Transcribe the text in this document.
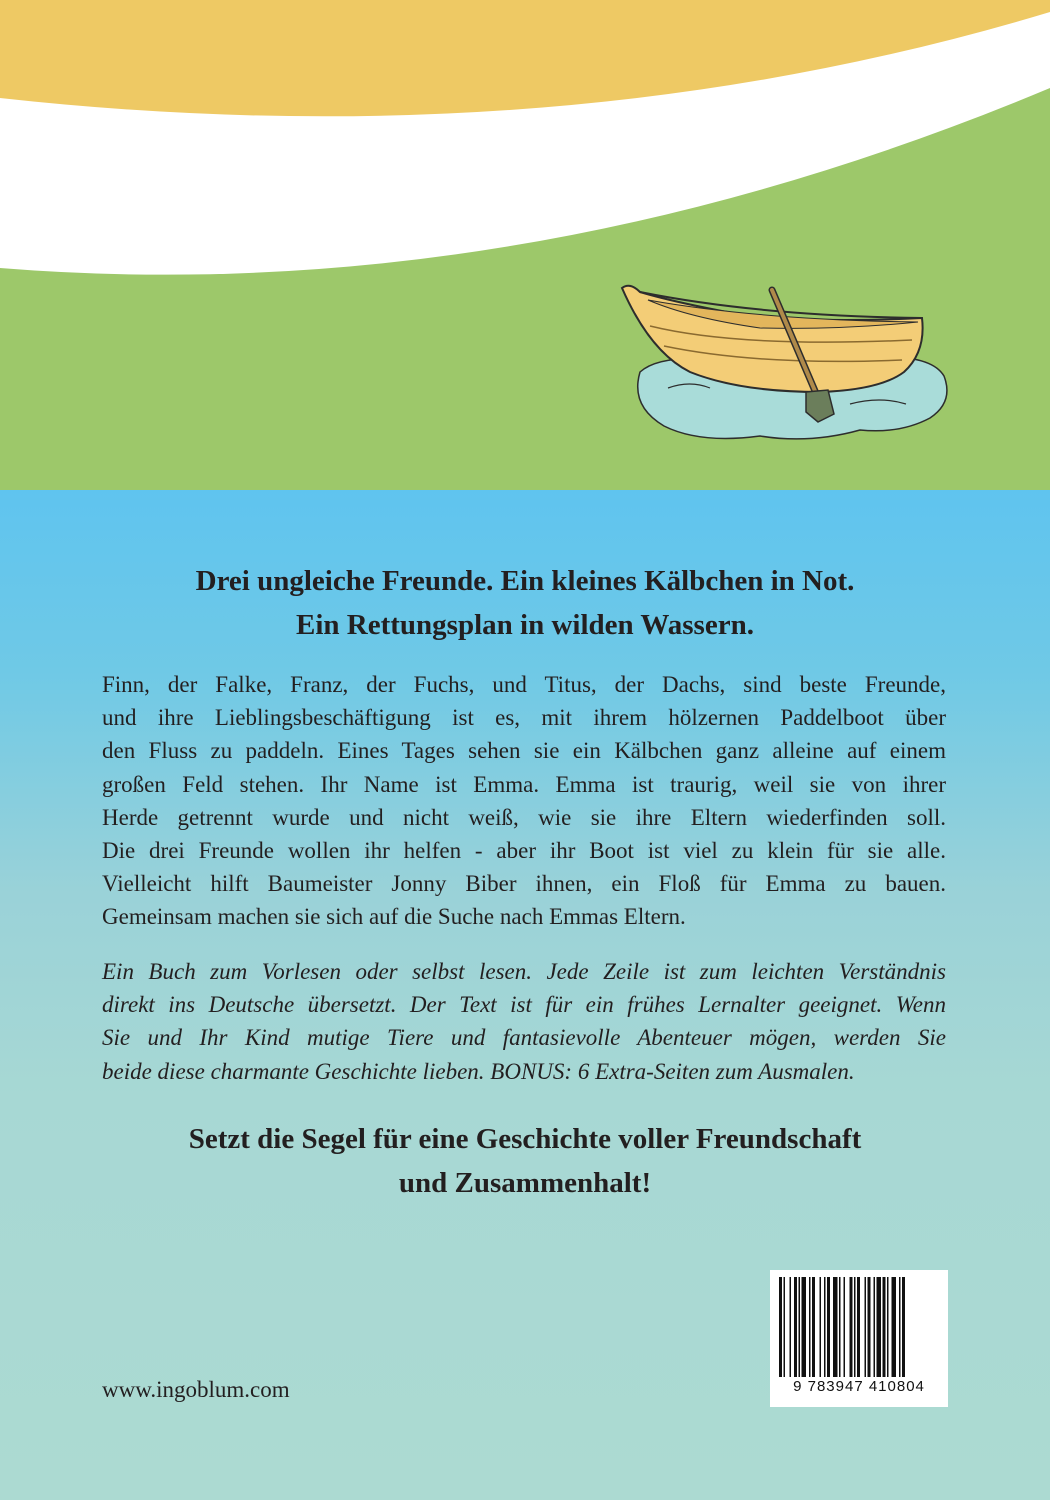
Drei ungleiche Freunde. Ein kleines Kälbchen in Not.
Ein Rettungsplan in wilden Wassern.
Finn, der Falke, Franz, der Fuchs, und Titus, der Dachs, sind beste Freunde,
und ihre Lieblingsbeschäftigung ist es, mit ihrem hölzernen Paddelboot über
den Fluss zu paddeln. Eines Tages sehen sie ein Kälbchen ganz alleine auf einem
großen Feld stehen. Ihr Name ist Emma. Emma ist traurig, weil sie von ihrer
Herde getrennt wurde und nicht weiß, wie sie ihre Eltern wiederfinden soll.
Die drei Freunde wollen ihr helfen - aber ihr Boot ist viel zu klein für sie alle.
Vielleicht hilft Baumeister Jonny Biber ihnen, ein Floß für Emma zu bauen.
Gemeinsam machen sie sich auf die Suche nach Emmas Eltern.
Ein Buch zum Vorlesen oder selbst lesen. Jede Zeile ist zum leichten Verständnis
direkt ins Deutsche übersetzt. Der Text ist für ein frühes Lernalter geeignet. Wenn
Sie und Ihr Kind mutige Tiere und fantasievolle Abenteuer mögen, werden Sie
beide diese charmante Geschichte lieben. BONUS: 6 Extra-Seiten zum Ausmalen.
Setzt die Segel für eine Geschichte voller Freundschaft
und Zusammenhalt!
www.ingoblum.com	9 783947 410804
